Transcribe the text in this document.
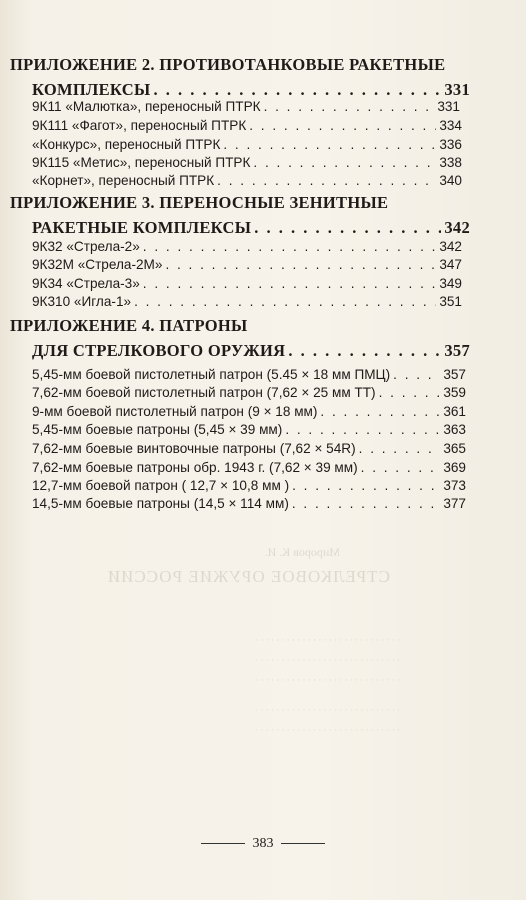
Мироров К. И.
СТРЕЛКОВОЕ ОРУЖИЕ РОССИИ
· · · · · · · · · · · · · · · · · · · · · · · · · · · ·
· · · · · · · · · · · · · · · · · · · · · · · · · · · ·
· · · · · · · · · · · · · · · · · · · · · · · · · · · ·
· · · · · · · · · · · · · · · · · · · · · · · · · · · ·
· · · · · · · · · · · · · · · · · · · · · · · · · · · ·
ПРИЛОЖЕНИЕ 2. ПРОТИВОТАНКОВЫЕ РАКЕТНЫЕ
КОМПЛЕКСЫ . . .	331
9К11 «Малютка», переносный ПТРК . . .	331
9К111 «Фагот», переносный ПТРК . . .	334
«Конкурс», переносный ПТРК . . .	336
9К115 «Метис», переносный ПТРК . . .	338
«Корнет», переносный ПТРК . . .	340
ПРИЛОЖЕНИЕ 3. ПЕРЕНОСНЫЕ ЗЕНИТНЫЕ
РАКЕТНЫЕ КОМПЛЕКСЫ . . .	342
9К32 «Стрела-2» . . .	342
9К32М «Стрела-2М» . . .	347
9К34 «Стрела-3» . . .	349
9К310 «Игла-1» . . .	351
ПРИЛОЖЕНИЕ 4. ПАТРОНЫ
ДЛЯ СТРЕЛКОВОГО ОРУЖИЯ . . .	357
5,45-мм боевой пистолетный патрон (5.45 × 18 мм ПМЦ) . . .	357
7,62-мм боевой пистолетный патрон (7,62 × 25 мм ТТ) . . .	359
9-мм боевой пистолетный патрон (9 × 18 мм) . . .	361
5,45-мм боевые патроны (5,45 × 39 мм) . . .	363
7,62-мм боевые винтовочные патроны (7,62 × 54R) . . .	365
7,62-мм боевые патроны обр. 1943 г. (7,62 × 39 мм) . . .	369
12,7-мм боевой патрон ( 12,7 × 10,8 мм ) . . .	373
14,5-мм боевые патроны (14,5 × 114 мм) . . .	377
383
